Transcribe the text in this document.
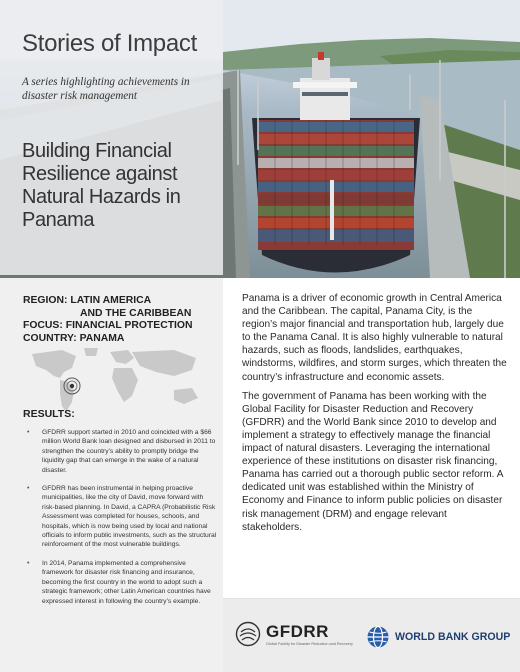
Stories of Impact
A series highlighting achievements in disaster risk management
Building Financial Resilience against Natural Hazards in Panama
REGION: LATIN AMERICA
AND THE CARIBBEAN
FOCUS: FINANCIAL PROTECTION
COUNTRY: PANAMA
RESULTS:
• GFDRR support started in 2010 and coincided with a $66 million World Bank loan designed and disbursed in 2011 to strengthen the country’s ability to promptly bridge the liquidity gap that can emerge in the wake of a natural disaster.
• GFDRR has been instrumental in helping proactive municipalities, like the city of David, move forward with risk-based planning. In David, a CAPRA (Probabilistic Risk Assessment was completed for houses, schools, and hospitals, which is now being used by local and national officials to inform public investments, such as the structural reinforcement of the most vulnerable buildings.
• In 2014, Panama implemented a comprehensive framework for disaster risk financing and insurance, becoming the first country in the world to adopt such a strategic framework; other Latin American countries have expressed interest in following the country’s example.

Panama is a driver of economic growth in Central America and the Caribbean. The capital, Panama City, is the region’s major financial and transportation hub, largely due to the Panama Canal. It is also highly vulnerable to natural hazards, such as floods, landslides, earthquakes, windstorms, wildfires, and storm surges, which threaten the country’s infrastructure and economic assets.

The government of Panama has been working with the Global Facility for Disaster Reduction and Recovery (GFDRR) and the World Bank since 2010 to develop and implement a strategy to effectively manage the financial impact of natural disasters. Leveraging the international experience of these institutions on disaster risk financing, Panama has carried out a thorough public sector reform. A dedicated unit was established within the Ministry of Economy and Finance to inform public policies on disaster risk management (DRM) and engage relevant stakeholders.

GFDRR
Global Facility for Disaster Reduction and Recovery
WORLD BANK GROUP
